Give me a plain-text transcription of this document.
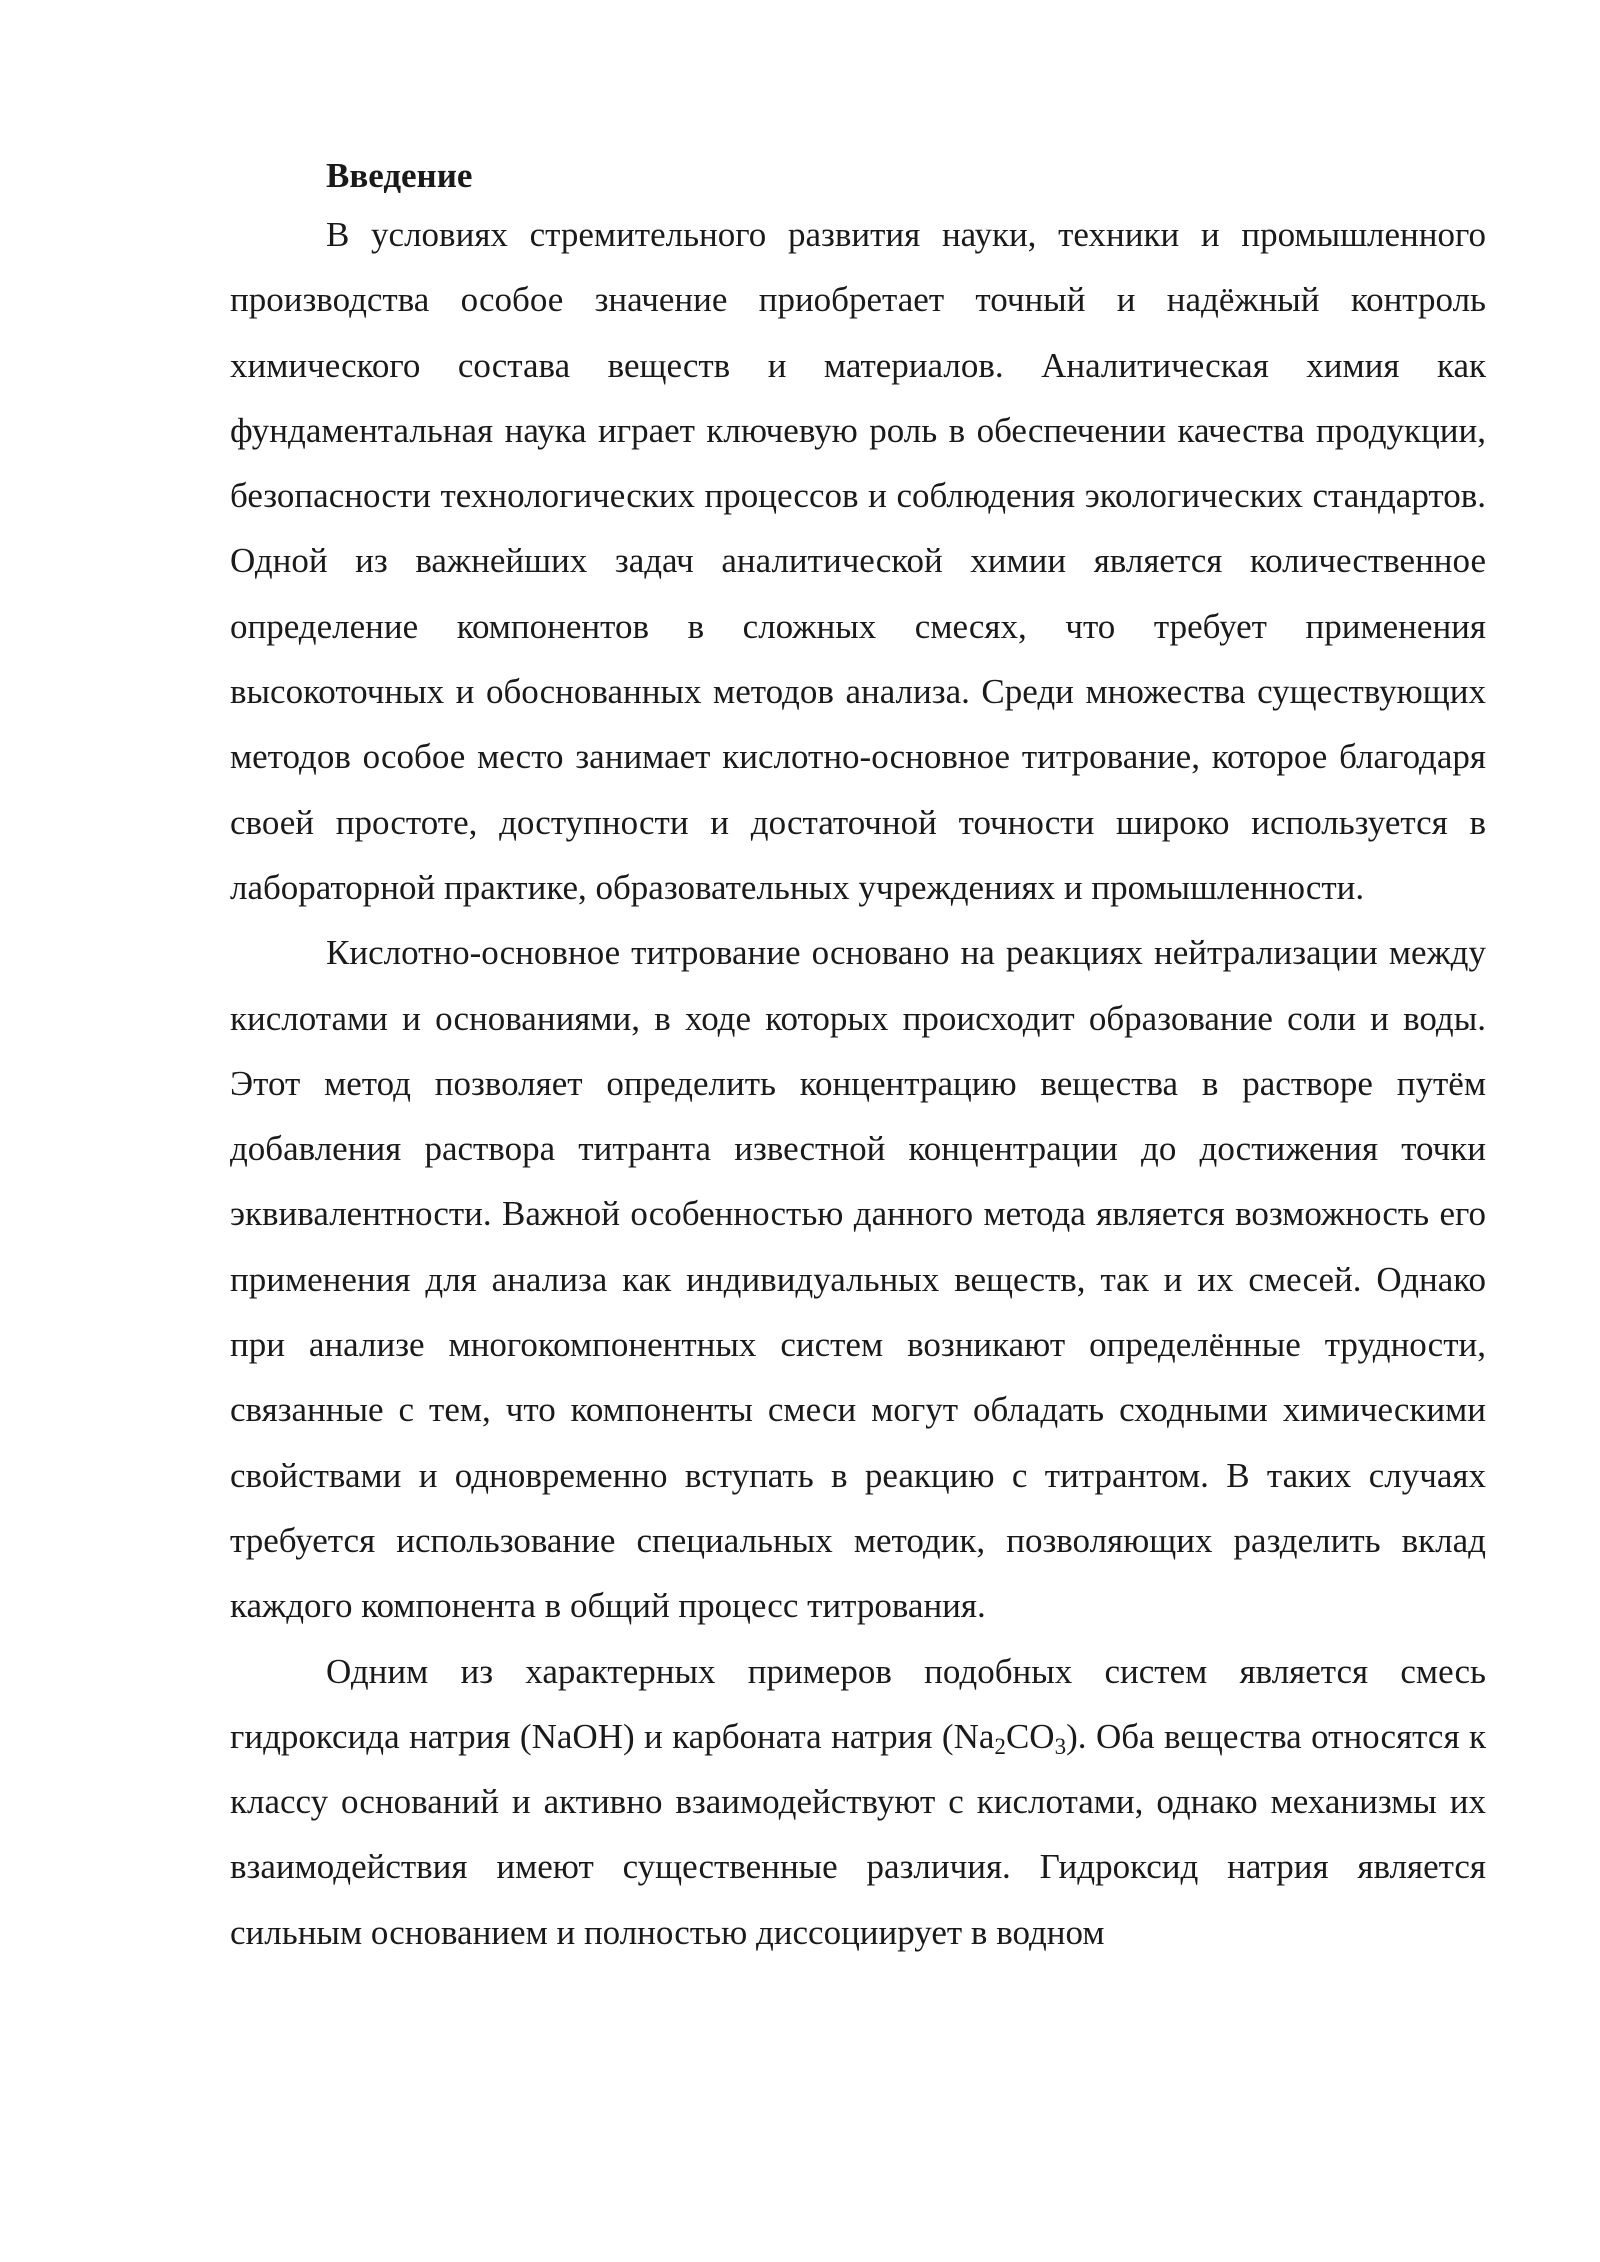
Введение

В условиях стремительного развития науки, техники и промышленного производства особое значение приобретает точный и надёжный контроль химического состава веществ и материалов. Аналитическая химия как фундаментальная наука играет ключевую роль в обеспечении качества продукции, безопасности технологических процессов и соблюдения экологических стандартов. Одной из важнейших задач аналитической химии является количественное определение компонентов в сложных смесях, что требует применения высокоточных и обоснованных методов анализа. Среди множества существующих методов особое место занимает кислотно-основное титрование, которое благодаря своей простоте, доступности и достаточной точности широко используется в лабораторной практике, образовательных учреждениях и промышленности.

Кислотно-основное титрование основано на реакциях нейтрализации между кислотами и основаниями, в ходе которых происходит образование соли и воды. Этот метод позволяет определить концентрацию вещества в растворе путём добавления раствора титранта известной концентрации до достижения точки эквивалентности. Важной особенностью данного метода является возможность его применения для анализа как индивидуальных веществ, так и их смесей. Однако при анализе многокомпонентных систем возникают определённые трудности, связанные с тем, что компоненты смеси могут обладать сходными химическими свойствами и одновременно вступать в реакцию с титрантом. В таких случаях требуется использование специальных методик, позволяющих разделить вклад каждого компонента в общий процесс титрования.

Одним из характерных примеров подобных систем является смесь гидроксида натрия (NaOH) и карбоната натрия $(Na_2CO_3)$. Оба вещества относятся к классу оснований и активно взаимодействуют с кислотами, однако механизмы их взаимодействия имеют существенные различия. Гидроксид натрия является сильным основанием и полностью диссоциирует в водном
